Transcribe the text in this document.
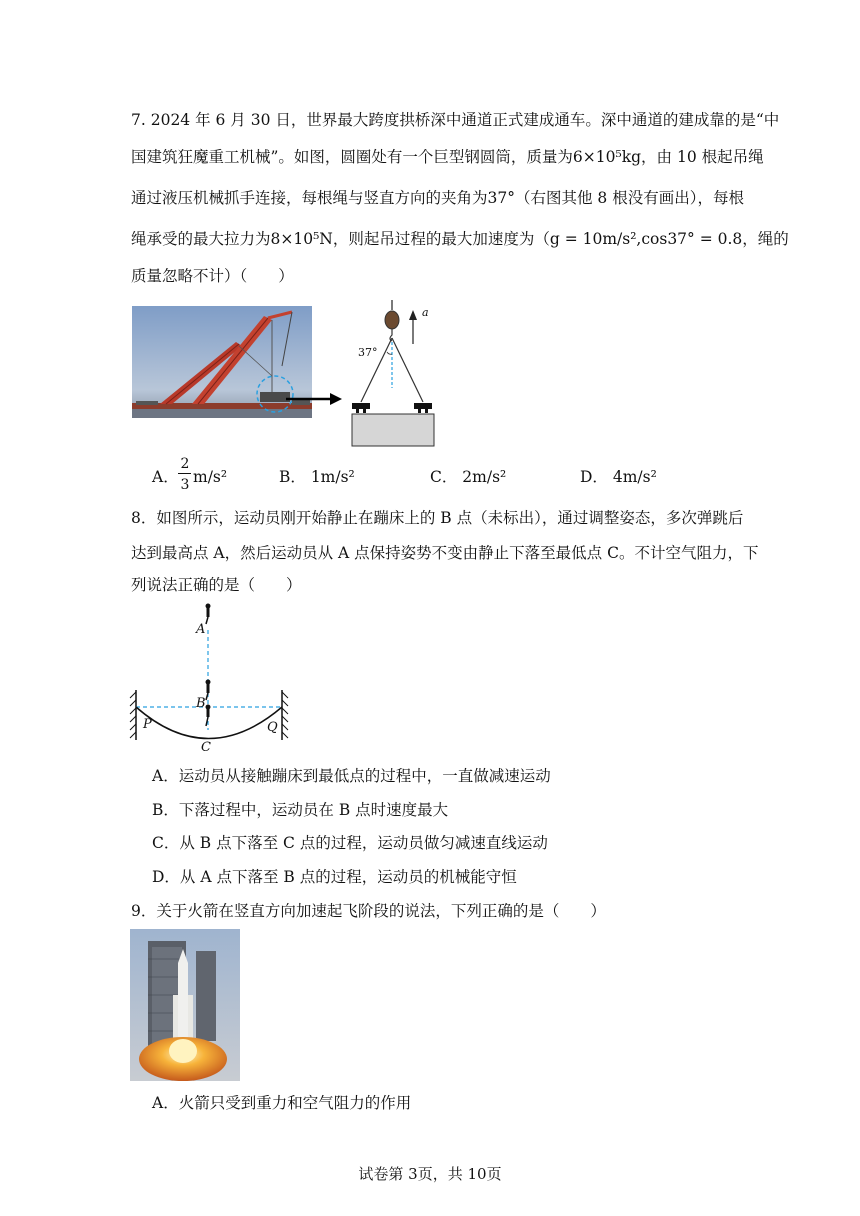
7. 2024 年 6 月 30 日，世界最大跨度拱桥深中通道正式建成通车。深中通道的建成靠的是“中
国建筑狂魔重工机械”。如图，圆圈处有一个巨型钢圆筒，质量为6×10⁵kg，由 10 根起吊绳
通过液压机械抓手连接，每根绳与竖直方向的夹角为37°（右图其他 8 根没有画出），每根
绳承受的最大拉力为8×10⁵N，则起吊过程的最大加速度为（g = 10m/s²,cos37° = 0.8，绳的
质量忽略不计）（　　）
37°
a
A．
2
3 m/s²	B． 1m/s²	C． 2m/s²	D． 4m/s²
8．如图所示，运动员刚开始静止在蹦床上的 B 点（未标出），通过调整姿态，多次弹跳后
达到最高点 A，然后运动员从 A 点保持姿势不变由静止下落至最低点 C。不计空气阻力，下
列说法正确的是（　　）
A
B
C
P	Q
A．运动员从接触蹦床到最低点的过程中，一直做减速运动
B．下落过程中，运动员在 B 点时速度最大
C．从 B 点下落至 C 点的过程，运动员做匀减速直线运动
D．从 A 点下落至 B 点的过程，运动员的机械能守恒
9．关于火箭在竖直方向加速起飞阶段的说法，下列正确的是（　　）
A．火箭只受到重力和空气阻力的作用
试卷第 3页，共 10页
